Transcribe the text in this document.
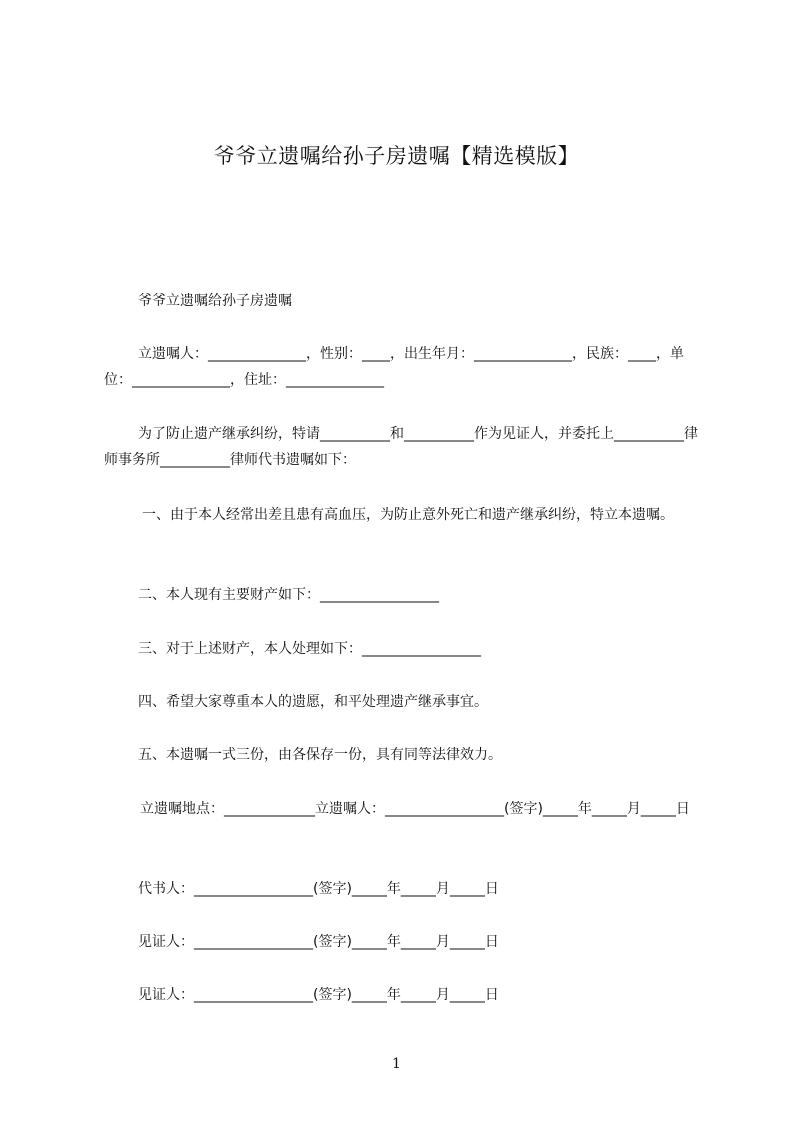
爷爷立遗嘱给孙子房遗嘱【精选模版】

爷爷立遗嘱给孙子房遗嘱

立遗嘱人：______________，性别：____，出生年月：______________，民族：____，单位：______________，住址：______________

为了防止遗产继承纠纷，特请__________和__________作为见证人，并委托上__________律师事务所__________律师代书遗嘱如下：

一、由于本人经常出差且患有高血压，为防止意外死亡和遗产继承纠纷，特立本遗嘱。

二、本人现有主要财产如下：_________________

三、对于上述财产，本人处理如下：_________________

四、希望大家尊重本人的遗愿，和平处理遗产继承事宜。

五、本遗嘱一式三份，由各保存一份，具有同等法律效力。

立遗嘱地点：_____________立遗嘱人：_________________(签字)_____年_____月_____日

代书人：_________________(签字)_____年_____月_____日

见证人：_________________(签字)_____年_____月_____日

见证人：_________________(签字)_____年_____月_____日

1
